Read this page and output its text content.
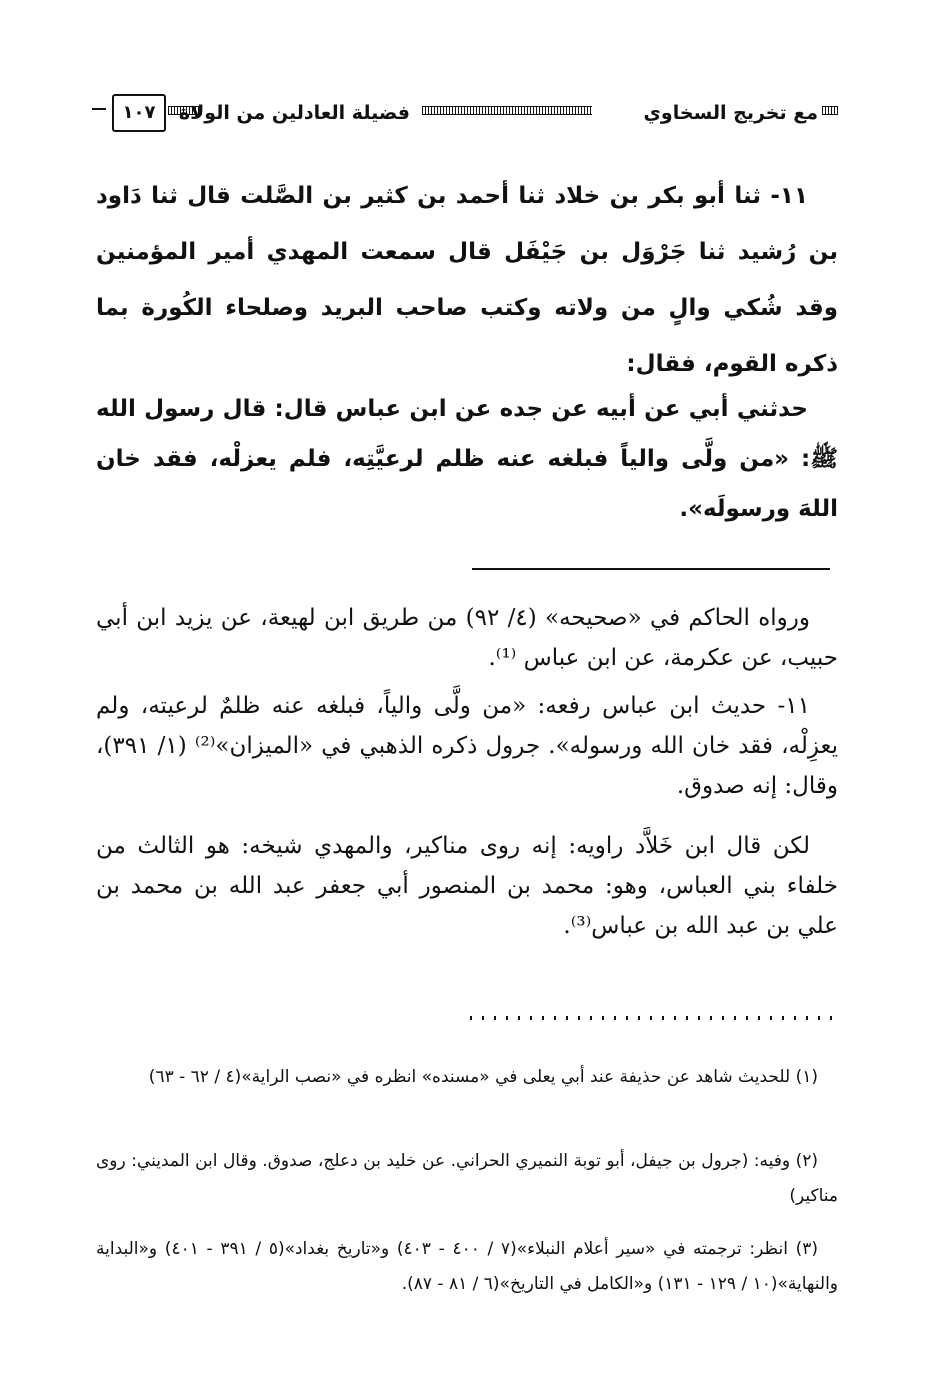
١٠٧	فضيلة العادلين من الولاة	مع تخريج السخاوي
١١- ثنا أبو بكر بن خلاد ثنا أحمد بن كثير بن الصَّلت قال ثنا دَاود بن رُشيد ثنا جَرْوَل بن جَيْفَل قال سمعت المهدي أمير المؤمنين وقد شُكي والٍ من ولاته وكتب صاحب البريد وصلحاء الكُورة بما ذكره القوم، فقال:
حدثني أبي عن أبيه عن جده عن ابن عباس قال: قال رسول الله ﷺ: «من ولَّى والياً فبلغه عنه ظلم لرعيَّتِه، فلم يعزلْه، فقد خان اللهَ ورسولَه».
ورواه الحاكم في «صحيحه» (٤/ ٩٢) من طريق ابن لهيعة، عن يزيد ابن أبي حبيب، عن عكرمة، عن ابن عباس ⁽¹⁾.
١١- حديث ابن عباس رفعه: «من ولَّى والياً، فبلغه عنه ظلمٌ لرعيته، ولم يعزِلْه، فقد خان الله ورسوله». جرول ذكره الذهبي في «الميزان»⁽²⁾ (١/ ٣٩١)، وقال: إنه صدوق.
لكن قال ابن خَلاَّد راويه: إنه روى مناكير، والمهدي شيخه: هو الثالث من خلفاء بني العباس، وهو: محمد بن المنصور أبي جعفر عبد الله بن محمد بن علي بن عبد الله بن عباس⁽³⁾.
(١) للحديث شاهد عن حذيفة عند أبي يعلى في «مسنده» انظره في «نصب الراية»(٤ / ٦٢ - ٦٣)
(٢) وفيه: (جرول بن جيفل، أبو توبة النميري الحراني. عن خليد بن دعلج، صدوق. وقال ابن المديني: روى مناكير)
(٣) انظر: ترجمته في «سير أعلام النبلاء»(٧ / ٤٠٠ - ٤٠٣) و«تاريخ بغداد»(٥ / ٣٩١ - ٤٠١) و«البداية والنهاية»(١٠ / ١٢٩ - ١٣١) و«الكامل في التاريخ»(٦ / ٨١ - ٨٧).
